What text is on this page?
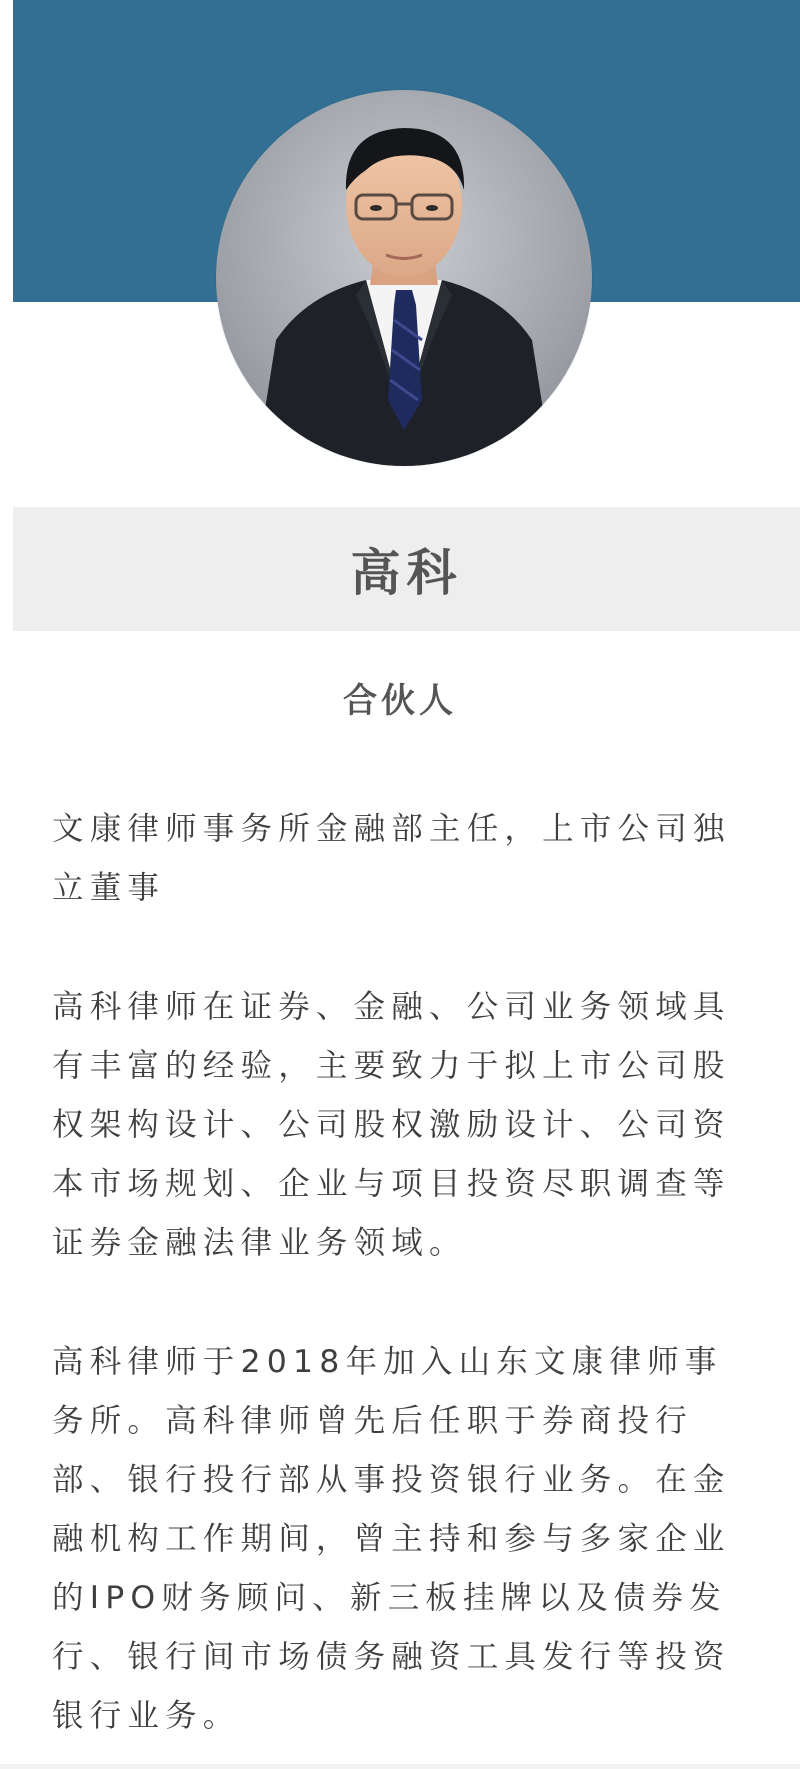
高科
合伙人

文康律师事务所金融部主任，上市公司独立董事

高科律师在证券、金融、公司业务领域具有丰富的经验，主要致力于拟上市公司股权架构设计、公司股权激励设计、公司资本市场规划、企业与项目投资尽职调查等证券金融法律业务领域。

高科律师于2018年加入山东文康律师事务所。高科律师曾先后任职于券商投行部、银行投行部从事投资银行业务。在金融机构工作期间，曾主持和参与多家企业的IPO财务顾问、新三板挂牌以及债券发行、银行间市场债务融资工具发行等投资银行业务。
